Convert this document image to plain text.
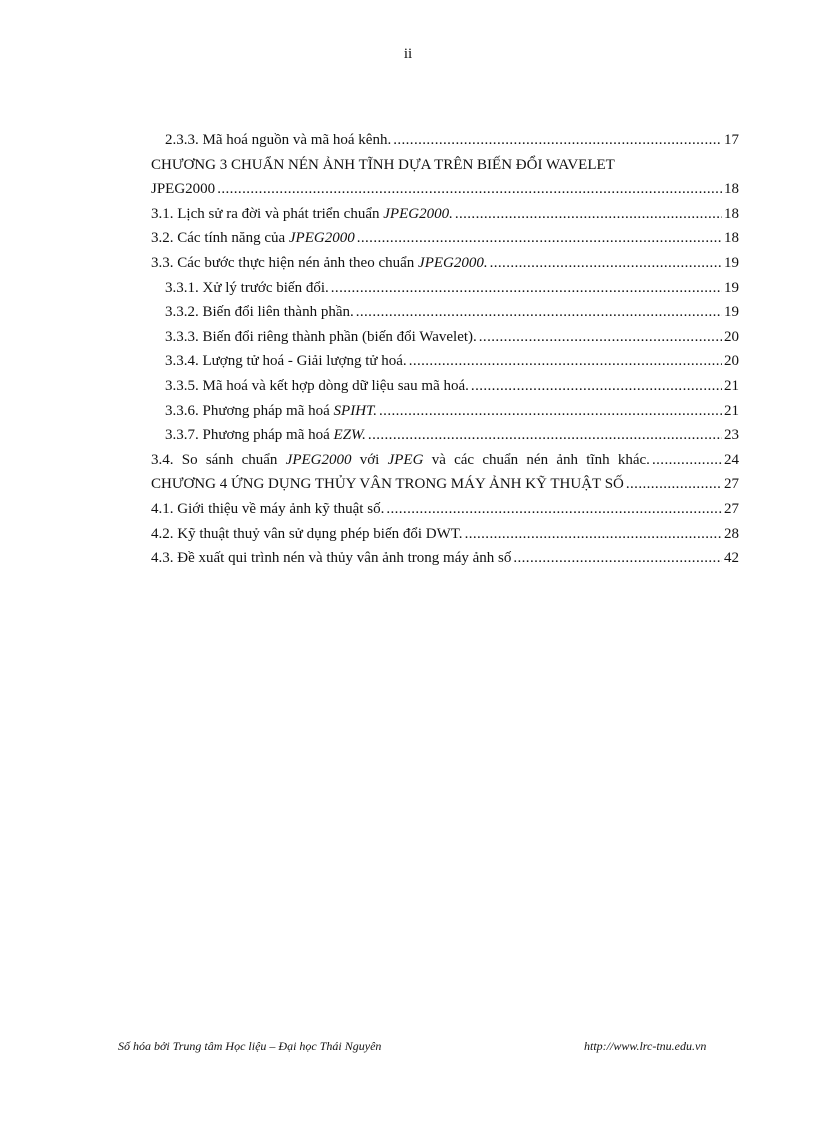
ii
2.3.3. Mã hoá nguồn và mã hoá kênh. .....	17
CHƯƠNG 3 CHUẨN NÉN ẢNH TĨNH DỰA TRÊN BIẾN ĐỔI WAVELET
JPEG2000 .....	18
3.1. Lịch sử ra đời và phát triển chuẩn JPEG2000. .....	18
3.2. Các tính năng của JPEG2000 .....	18
3.3. Các bước thực hiện nén ảnh theo chuẩn JPEG2000. .....	19
3.3.1. Xử lý trước biến đổi. .....	19
3.3.2. Biến đổi liên thành phần. .....	19
3.3.3. Biến đổi riêng thành phần (biến đổi Wavelet). .....	20
3.3.4. Lượng tử hoá - Giải lượng tử hoá. .....	20
3.3.5. Mã hoá và kết hợp dòng dữ liệu sau mã hoá. .....	21
3.3.6. Phương pháp mã hoá SPIHT. .....	21
3.3.7. Phương pháp mã hoá EZW. .....	23
3.4. So sánh chuẩn JPEG2000 với JPEG và các chuẩn nén ảnh tĩnh khác. .....	24
CHƯƠNG 4 ỨNG DỤNG THỦY VÂN TRONG MÁY ẢNH KỸ THUẬT SỐ .....	27
4.1. Giới thiệu về máy ảnh kỹ thuật số. .....	27
4.2. Kỹ thuật thuỷ vân sử dụng phép biến đổi DWT. .....	28
4.3. Đề xuất qui trình nén và thủy vân ảnh trong máy ảnh số .....	42
Số hóa bởi Trung tâm Học liệu – Đại học Thái Nguyên	http://www.lrc-tnu.edu.vn
